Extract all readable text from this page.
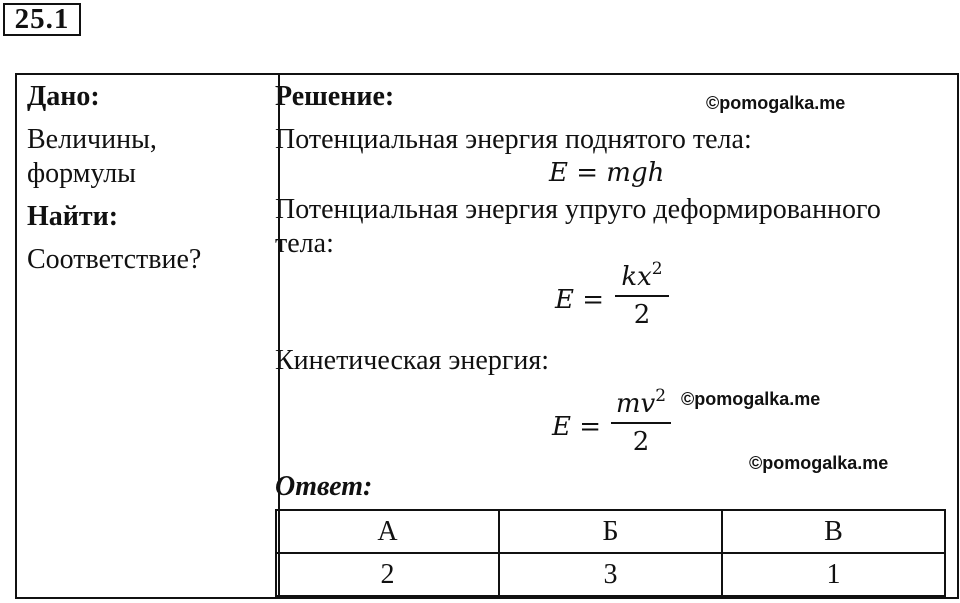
25.1
Дано:
Величины,
формулы
Найти:
Соответствие?
Решение:	©pomogalka.me
Потенциальная энергия поднятого тела:
E = mgh
Потенциальная энергия упруго деформированного
тела:
E =
$kx^2$
2
Кинетическая энергия:
E =
$mv^2$
2
©pomogalka.me
©pomogalka.me
Ответ:
А	Б	В
2	3	1
